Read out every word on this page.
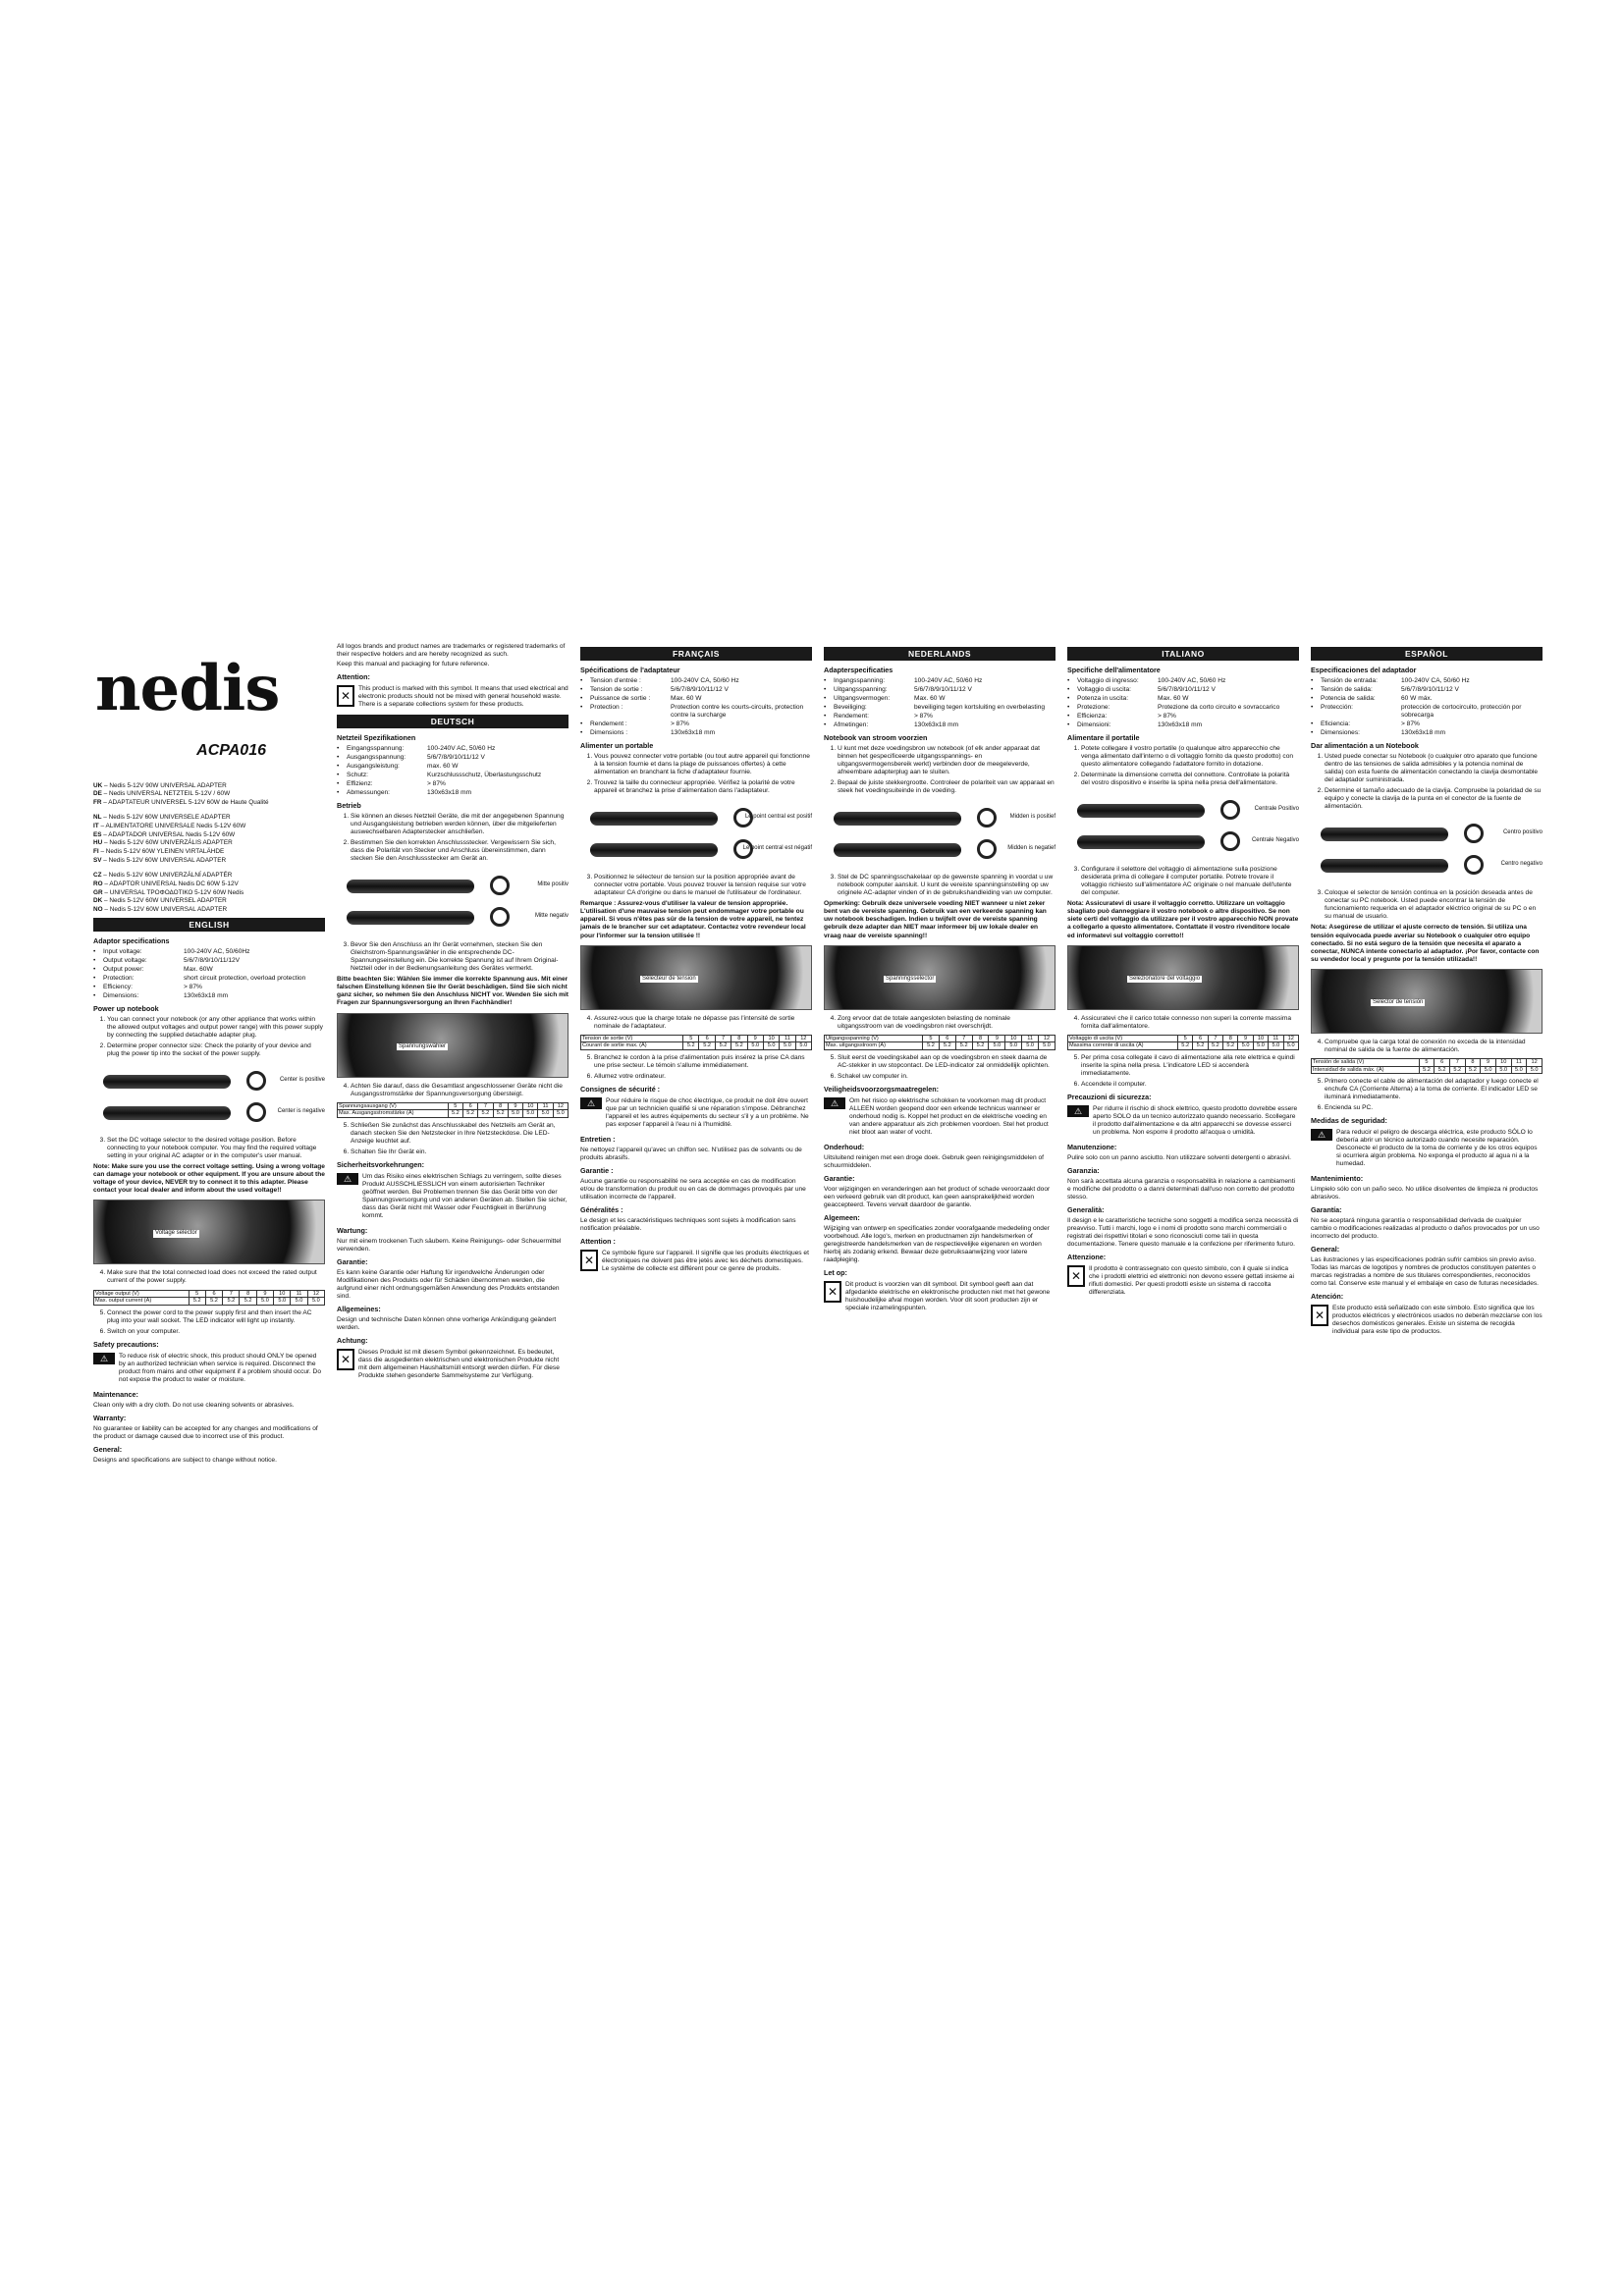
nedis
ACPA016

UK – Nedis 5-12V 90W UNIVERSAL ADAPTER

DE – Nedis UNIVERSAL NETZTEIL 5-12V / 60W

FR – ADAPTATEUR UNIVERSEL 5-12V 60W de Haute Qualité

NL – Nedis 5-12V 60W UNIVERSELE ADAPTER

IT – ALIMENTATORE UNIVERSALE Nedis 5-12V 60W

ES – ADAPTADOR UNIVERSAL Nedis 5-12V 60W

HU – Nedis 5-12V 60W UNIVERZÁLIS ADAPTER

FI – Nedis 5-12V 60W YLEINEN VIRTALÄHDE

SV – Nedis 5-12V 60W UNIVERSAL ADAPTER

CZ – Nedis 5-12V 60W UNIVERZÁLNÍ ADAPTÉR

RO – ADAPTOR UNIVERSAL Nedis DC 60W 5-12V

GR – UNIVERSAL ΤΡΟΦΟΔΟΤΙΚΟ 5-12V 60W Nedis

DK – Nedis 5-12V 60W UNIVERSEL ADAPTER

NO – Nedis 5-12V 60W UNIVERSAL ADAPTER

ENGLISH
Adaptor specifications
•	Input voltage:	100-240V AC, 50/60Hz
•	Output voltage:	5/6/7/8/9/10/11/12V
•	Output power:	Max. 60W
•	Protection:	short circuit protection, overload protection
•	Efficiency:	> 87%
•	Dimensions:	130x63x18 mm
Power up notebook
1. You can connect your notebook (or any other appliance that works within the allowed output voltages and output power range) with this power supply by connecting the supplied detachable adapter plug.
2. Determine proper connector size: Check the polarity of your device and plug the power tip into the socket of the power supply.
Center is positive
Center is negative
3. Set the DC voltage selector to the desired voltage position. Before connecting to your notebook computer. You may find the required voltage setting in your original AC adapter or in the computer's user manual.

Note: Make sure you use the correct voltage setting. Using a wrong voltage can damage your notebook or other equipment. If you are unsure about the voltage of your device, NEVER try to connect it to this adapter. Please contact your local dealer and inform about the used voltage!!

Voltage selector
4. Make sure that the total connected load does not exceed the rated output current of the power supply.
Voltage output (V)	5	6	7	8	9	10	11	12
Max. output current (A)	5.2	5.2	5.2	5.2	5.0	5.0	5.0	5.0
5. Connect the power cord to the power supply first and then insert the AC plug into your wall socket. The LED indicator will light up instantly.
6. Switch on your computer.
Safety precautions:
⚠	To reduce risk of electric shock, this product should ONLY be opened by an authorized technician when service is required. Disconnect the product from mains and other equipment if a problem should occur. Do not expose the product to water or moisture.

Maintenance:

Clean only with a dry cloth. Do not use cleaning solvents or abrasives.

Warranty:

No guarantee or liability can be accepted for any changes and modifications of the product or damage caused due to incorrect use of this product.

General:

Designs and specifications are subject to change without notice.

All logos brands and product names are trademarks or registered trademarks of their respective holders and are hereby recognized as such.

Keep this manual and packaging for future reference.

Attention:
✕

This product is marked with this symbol. It means that used electrical and electronic products should not be mixed with general household waste. There is a separate collections system for these products.

DEUTSCH
Netzteil Spezifikationen
•	Eingangsspannung:	100-240V AC, 50/60 Hz
•	Ausgangsspannung:	5/6/7/8/9/10/11/12 V
•	Ausgangsleistung:	max. 60 W
•	Schutz:	Kurzschlussschutz, Überlastungsschutz
•	Effizienz:	> 87%
•	Abmessungen:	130x63x18 mm
Betrieb
1. Sie können an dieses Netzteil Geräte, die mit der angegebenen Spannung und Ausgangsleistung betrieben werden können, über die mitgelieferten auswechselbaren Adapterstecker anschließen.
2. Bestimmen Sie den korrekten Anschlussstecker. Vergewissern Sie sich, dass die Polarität von Stecker und Anschluss übereinstimmen, dann stecken Sie den Anschlussstecker am Gerät an.
Mitte positiv
Mitte negativ
3. Bevor Sie den Anschluss an Ihr Gerät vornehmen, stecken Sie den Gleichstrom-Spannungswähler in die entsprechende DC-Spannungseinstellung ein. Die korrekte Spannung ist auf Ihrem Original-Netzteil oder in der Bedienungsanleitung des Gerätes vermerkt.

Bitte beachten Sie: Wählen Sie immer die korrekte Spannung aus. Mit einer falschen Einstellung können Sie Ihr Gerät beschädigen. Sind Sie sich nicht ganz sicher, so nehmen Sie den Anschluss NICHT vor. Wenden Sie sich mit Fragen zur Spannungsversorgung an Ihren Fachhändler!

Spannungswähler
4. Achten Sie darauf, dass die Gesamtlast angeschlossener Geräte nicht die Ausgangsstromstärke der Spannungsversorgung übersteigt.
Spannungsausgang (V)	5	6	7	8	9	10	11	12
Max. Ausgangsstromstärke (A)	5.2	5.2	5.2	5.2	5.0	5.0	5.0	5.0
5. Schließen Sie zunächst das Anschlusskabel des Netzteils am Gerät an, danach stecken Sie den Netzstecker in Ihre Netzsteckdose. Die LED-Anzeige leuchtet auf.
6. Schalten Sie Ihr Gerät ein.
Sicherheitsvorkehrungen:
⚠	Um das Risiko eines elektrischen Schlags zu verringern, sollte dieses Produkt AUSSCHLIESSLICH von einem autorisierten Techniker geöffnet werden. Bei Problemen trennen Sie das Gerät bitte von der Spannungsversorgung und von anderen Geräten ab. Stellen Sie sicher, dass das Gerät nicht mit Wasser oder Feuchtigkeit in Berührung kommt.

Wartung:

Nur mit einem trockenen Tuch säubern. Keine Reinigungs- oder Scheuermittel verwenden.

Garantie:

Es kann keine Garantie oder Haftung für irgendwelche Änderungen oder Modifikationen des Produkts oder für Schäden übernommen werden, die aufgrund einer nicht ordnungsgemäßen Anwendung des Produkts entstanden sind.

Allgemeines:

Design und technische Daten können ohne vorherige Ankündigung geändert werden.

Achtung:
✕

Dieses Produkt ist mit diesem Symbol gekennzeichnet. Es bedeutet, dass die ausgedienten elektrischen und elektronischen Produkte nicht mit dem allgemeinen Haushaltsmüll entsorgt werden dürfen. Für diese Produkte stehen gesonderte Sammelsysteme zur Verfügung.

FRANÇAIS
Spécifications de l'adaptateur
•	Tension d'entrée :	100-240V CA, 50/60 Hz
•	Tension de sortie :	5/6/7/8/9/10/11/12 V
•	Puissance de sortie :	Max. 60 W
•	Protection :	Protection contre les courts-circuits, protection contre la surcharge
•	Rendement :	> 87%
•	Dimensions :	130x63x18 mm
Alimenter un portable
1. Vous pouvez connecter votre portable (ou tout autre appareil qui fonctionne à la tension fournie et dans la plage de puissances offertes) à cette alimentation en branchant la fiche d'adaptateur fournie.
2. Trouvez la taille du connecteur appropriée. Vérifiez la polarité de votre appareil et branchez la prise d'alimentation dans l'adaptateur.
Le point central est positif
Le point central est négatif
3. Positionnez le sélecteur de tension sur la position appropriée avant de connecter votre portable. Vous pouvez trouver la tension requise sur votre adaptateur CA d'origine ou dans le manuel de l'utilisateur de l'ordinateur.

Remarque : Assurez-vous d'utiliser la valeur de tension appropriée. L'utilisation d'une mauvaise tension peut endommager votre portable ou appareil. Si vous n'êtes pas sûr de la tension de votre appareil, ne tentez jamais de le brancher sur cet adaptateur. Contactez votre revendeur local pour l'informer sur la tension utilisée !!

Sélecteur de tension
4. Assurez-vous que la charge totale ne dépasse pas l'intensité de sortie nominale de l'adaptateur.
Tension de sortie (V)	5	6	7	8	9	10	11	12
Courant de sortie max. (A)	5.2	5.2	5.2	5.2	5.0	5.0	5.0	5.0
5. Branchez le cordon à la prise d'alimentation puis insérez la prise CA dans une prise secteur. Le témoin s'allume immédiatement.
6. Allumez votre ordinateur.
Consignes de sécurité :
⚠	Pour réduire le risque de choc électrique, ce produit ne doit être ouvert que par un technicien qualifié si une réparation s'impose. Débranchez l'appareil et les autres équipements du secteur s'il y a un problème. Ne pas exposer l'appareil à l'eau ni à l'humidité.

Entretien :

Ne nettoyez l'appareil qu'avec un chiffon sec. N'utilisez pas de solvants ou de produits abrasifs.

Garantie :

Aucune garantie ou responsabilité ne sera acceptée en cas de modification et/ou de transformation du produit ou en cas de dommages provoqués par une utilisation incorrecte de l'appareil.

Généralités :

Le design et les caractéristiques techniques sont sujets à modification sans notification préalable.

Attention :
✕

Ce symbole figure sur l'appareil. Il signifie que les produits électriques et électroniques ne doivent pas être jetés avec les déchets domestiques. Le système de collecte est différent pour ce genre de produits.

NEDERLANDS
Adapterspecificaties
•	Ingangsspanning:	100-240V AC, 50/60 Hz
•	Uitgangsspanning:	5/6/7/8/9/10/11/12 V
•	Uitgangsvermogen:	Max. 60 W
•	Beveiliging:	beveiliging tegen kortsluiting en overbelasting
•	Rendement:	> 87%
•	Afmetingen:	130x63x18 mm
Notebook van stroom voorzien
1. U kunt met deze voedingsbron uw notebook (of elk ander apparaat dat binnen het gespecificeerde uitgangsspannings- en uitgangsvermogensbereik werkt) verbinden door de meegeleverde, afneembare adapterplug aan te sluiten.
2. Bepaal de juiste stekkergrootte. Controleer de polariteit van uw apparaat en steek het voedingsuiteinde in de voeding.
Midden is positief
Midden is negatief
3. Stel de DC spanningsschakelaar op de gewenste spanning in voordat u uw notebook computer aansluit. U kunt de vereiste spanningsinstelling op uw originele AC-adapter vinden of in de gebruikshandleiding van uw computer.

Opmerking: Gebruik deze universele voeding NIET wanneer u niet zeker bent van de vereiste spanning. Gebruik van een verkeerde spanning kan uw notebook beschadigen. Indien u twijfelt over de vereiste spanning gebruik deze adapter dan NIET maar informeer bij uw lokale dealer en vraag naar de vereiste spanning!!

Spanningsselector
4. Zorg ervoor dat de totale aangesloten belasting de nominale uitgangsstroom van de voedingsbron niet overschrijdt.
Uitgangsspanning (V)	5	6	7	8	9	10	11	12
Max. uitgangsstroom (A)	5.2	5.2	5.2	5.2	5.0	5.0	5.0	5.0
5. Sluit eerst de voedingskabel aan op de voedingsbron en steek daarna de AC-stekker in uw stopcontact. De LED-indicator zal onmiddellijk oplichten.
6. Schakel uw computer in.
Veiligheidsvoorzorgsmaatregelen:
⚠	Om het risico op elektrische schokken te voorkomen mag dit product ALLEEN worden geopend door een erkende technicus wanneer er onderhoud nodig is. Koppel het product en de elektrische voeding en van andere apparatuur als zich problemen voordoen. Stel het product niet bloot aan water of vocht.

Onderhoud:

Uitsluitend reinigen met een droge doek. Gebruik geen reinigingsmiddelen of schuurmiddelen.

Garantie:

Voor wijzigingen en veranderingen aan het product of schade veroorzaakt door een verkeerd gebruik van dit product, kan geen aansprakelijkheid worden geaccepteerd. Tevens vervalt daardoor de garantie.

Algemeen:

Wijziging van ontwerp en specificaties zonder voorafgaande mededeling onder voorbehoud. Alle logo's, merken en productnamen zijn handelsmerken of geregistreerde handelsmerken van de respectievelijke eigenaren en worden hierbij als zodanig erkend. Bewaar deze gebruiksaanwijzing voor latere raadpleging.

Let op:
✕

Dit product is voorzien van dit symbool. Dit symbool geeft aan dat afgedankte elektrische en elektronische producten niet met het gewone huishoudelijke afval mogen worden. Voor dit soort producten zijn er speciale inzamelingspunten.

ITALIANO
Specifiche dell'alimentatore
•	Voltaggio di ingresso:	100-240V AC, 50/60 Hz
•	Voltaggio di uscita:	5/6/7/8/9/10/11/12 V
•	Potenza in uscita:	Max. 60 W
•	Protezione:	Protezione da corto circuito e sovraccarico
•	Efficienza:	> 87%
•	Dimensioni:	130x63x18 mm
Alimentare il portatile
1. Potete collegare il vostro portatile (o qualunque altro apparecchio che venga alimentato dall'interno o di voltaggio fornito da questo prodotto) con questo alimentatore collegando l'adattatore fornito in dotazione.
2. Determinate la dimensione corretta del connettore. Controllate la polarità del vostro dispositivo e inserite la spina nella presa dell'alimentatore.
Centrale Positivo
Centrale Negativo
3. Configurare il selettore del voltaggio di alimentazione sulla posizione desiderata prima di collegare il computer portatile. Potrete trovare il voltaggio richiesto sull'alimentatore AC originale o nel manuale dell'utente del computer.

Nota: Assicuratevi di usare il voltaggio corretto. Utilizzare un voltaggio sbagliato può danneggiare il vostro notebook o altre dispositivo. Se non siete certi del voltaggio da utilizzare per il vostro apparecchio NON provate a collegarlo a questo alimentatore. Contattate il vostro rivenditore locale ed informatevi sul voltaggio corretto!!

Selezionatore del voltaggio
4. Assicuratevi che il carico totale connesso non superi la corrente massima fornita dall'alimentatore.
Voltaggio di uscita (V)	5	6	7	8	9	10	11	12
Massima corrente di uscita (A)	5.2	5.2	5.2	5.2	5.0	5.0	5.0	5.0
5. Per prima cosa collegate il cavo di alimentazione alla rete elettrica e quindi inserite la spina nella presa. L'indicatore LED si accenderà immediatamente.
6. Accendete il computer.
Precauzioni di sicurezza:
⚠	Per ridurre il rischio di shock elettrico, questo prodotto dovrebbe essere aperto SOLO da un tecnico autorizzato quando necessario. Scollegare il prodotto dall'alimentazione e da altri apparecchi se dovesse esserci un problema. Non esporre il prodotto all'acqua o umidità.

Manutenzione:

Pulire solo con un panno asciutto. Non utilizzare solventi detergenti o abrasivi.

Garanzia:

Non sarà accettata alcuna garanzia o responsabilità in relazione a cambiamenti e modifiche del prodotto o a danni determinati dall'uso non corretto del prodotto stesso.

Generalità:

Il design e le caratteristiche tecniche sono soggetti a modifica senza necessità di preavviso. Tutti i marchi, logo e i nomi di prodotto sono marchi commerciali o registrati dei rispettivi titolari e sono riconosciuti come tali in questa documentazione. Tenere questo manuale e la confezione per riferimento futuro.

Attenzione:
✕

Il prodotto è contrassegnato con questo simbolo, con il quale si indica che i prodotti elettrici ed elettronici non devono essere gettati insieme ai rifiuti domestici. Per questi prodotti esiste un sistema di raccolta differenziata.

ESPAÑOL
Especificaciones del adaptador
•	Tensión de entrada:	100-240V CA, 50/60 Hz
•	Tensión de salida:	5/6/7/8/9/10/11/12 V
•	Potencia de salida:	60 W máx.
•	Protección:	protección de cortocircuito, protección por sobrecarga
•	Eficiencia:	> 87%
•	Dimensiones:	130x63x18 mm
Dar alimentación a un Notebook
1. Usted puede conectar su Notebook (o cualquier otro aparato que funcione dentro de las tensiones de salida admisibles y la potencia nominal de salida) con esta fuente de alimentación conectando la clavija desmontable del adaptador suministrada.
2. Determine el tamaño adecuado de la clavija. Compruebe la polaridad de su equipo y conecte la clavija de la punta en el conector de la fuente de alimentación.
Centro positivo
Centro negativo
3. Coloque el selector de tensión continua en la posición deseada antes de conectar su PC notebook. Usted puede encontrar la tensión de funcionamiento requerida en el adaptador eléctrico original de su PC o en su manual de usuario.

Nota: Asegúrese de utilizar el ajuste correcto de tensión. Si utiliza una tensión equivocada puede averiar su Notebook o cualquier otro equipo conectado. Si no está seguro de la tensión que necesita el aparato a conectar, NUNCA intente conectarlo al adaptador. ¡Por favor, contacte con su vendedor local y pregunte por la tensión utilizada!!

Selector de tensión
4. Compruebe que la carga total de conexión no exceda de la intensidad nominal de salida de la fuente de alimentación.
Tensión de salida (V)	5	6	7	8	9	10	11	12
Intensidad de salida máx. (A)	5.2	5.2	5.2	5.2	5.0	5.0	5.0	5.0
5. Primero conecte el cable de alimentación del adaptador y luego conecte el enchufe CA (Corriente Alterna) a la toma de corriente. El indicador LED se iluminará inmediatamente.
6. Encienda su PC.
Medidas de seguridad:
⚠	Para reducir el peligro de descarga eléctrica, este producto SÓLO lo debería abrir un técnico autorizado cuando necesite reparación. Desconecte el producto de la toma de corriente y de los otros equipos si ocurriera algún problema. No exponga el producto al agua ni a la humedad.

Mantenimiento:

Límpielo sólo con un paño seco. No utilice disolventes de limpieza ni productos abrasivos.

Garantía:

No se aceptará ninguna garantía o responsabilidad derivada de cualquier cambio o modificaciones realizadas al producto o daños provocados por un uso incorrecto del producto.

General:

Las ilustraciones y las especificaciones podrán sufrir cambios sin previo aviso. Todas las marcas de logotipos y nombres de productos constituyen patentes o marcas registradas a nombre de sus titulares correspondientes, reconocidos como tal. Conserve este manual y el embalaje en caso de futuras necesidades.

Atención:
✕

Este producto está señalizado con este símbolo. Esto significa que los productos eléctricos y electrónicos usados no deberán mezclarse con los desechos domésticos generales. Existe un sistema de recogida individual para este tipo de productos.
